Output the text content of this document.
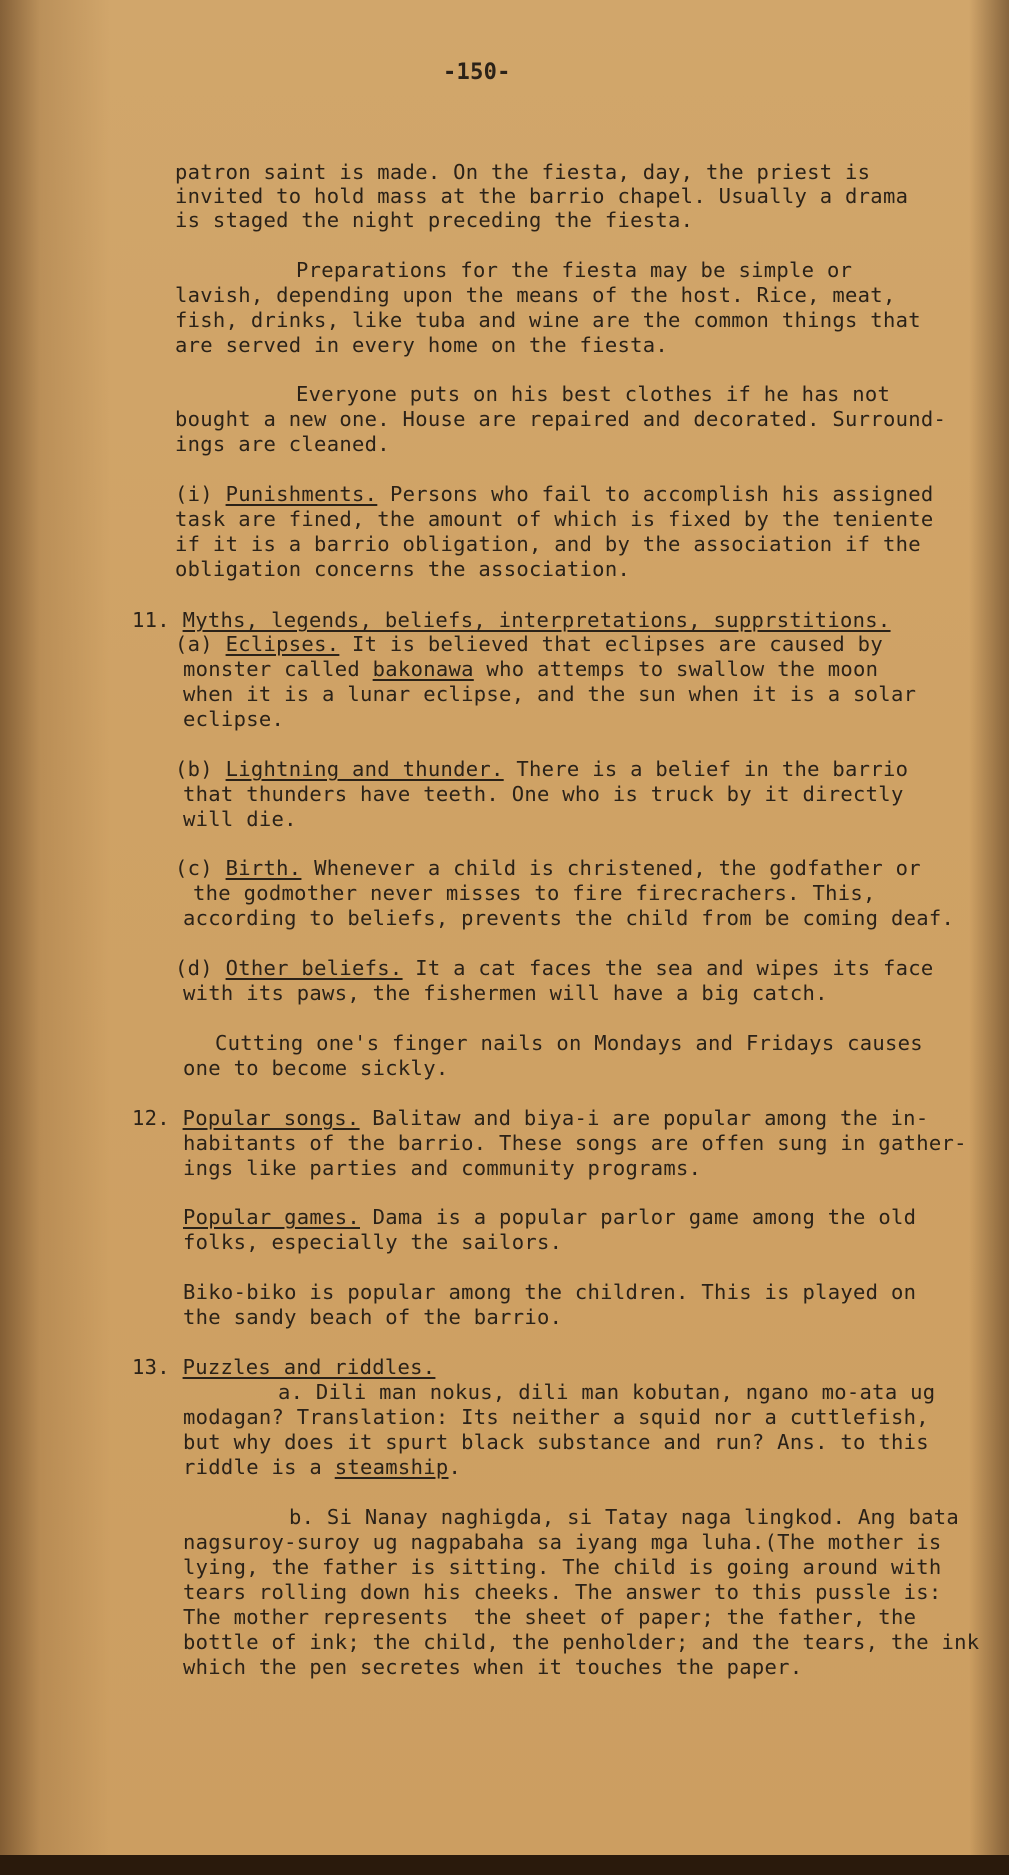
-150-
patron saint is made. On the fiesta, day, the priest is
invited to hold mass at the barrio chapel. Usually a drama
is staged the night preceding the fiesta.
Preparations for the fiesta may be simple or
lavish, depending upon the means of the host. Rice, meat,
fish, drinks, like tuba and wine are the common things that
are served in every home on the fiesta.
Everyone puts on his best clothes if he has not
bought a new one. House are repaired and decorated. Surround-
ings are cleaned.
(i) Punishments. Persons who fail to accomplish his assigned
task are fined, the amount of which is fixed by the teniente
if it is a barrio obligation, and by the association if the
obligation concerns the association.
11. Myths, legends, beliefs, interpretations, supprstitions.
(a) Eclipses. It is believed that eclipses are caused by
monster called bakonawa who attemps to swallow the moon
when it is a lunar eclipse, and the sun when it is a solar
eclipse.
(b) Lightning and thunder. There is a belief in the barrio
that thunders have teeth. One who is truck by it directly
will die.
(c) Birth. Whenever a child is christened, the godfather or
the godmother never misses to fire firecrachers. This,
according to beliefs, prevents the child from be coming deaf.
(d) Other beliefs. It a cat faces the sea and wipes its face
with its paws, the fishermen will have a big catch.
Cutting one's finger nails on Mondays and Fridays causes
one to become sickly.
12. Popular songs. Balitaw and biya-i are popular among the in-
habitants of the barrio. These songs are offen sung in gather-
ings like parties and community programs.
Popular games. Dama is a popular parlor game among the old
folks, especially the sailors.
Biko-biko is popular among the children. This is played on
the sandy beach of the barrio.
13. Puzzles and riddles.
a. Dili man nokus, dili man kobutan, ngano mo-ata ug
modagan? Translation: Its neither a squid nor a cuttlefish,
but why does it spurt black substance and run? Ans. to this
riddle is a steamship.
b. Si Nanay naghigda, si Tatay naga lingkod. Ang bata
nagsuroy-suroy ug nagpabaha sa iyang mga luha.(The mother is
lying, the father is sitting. The child is going around with
tears rolling down his cheeks. The answer to this pussle is:
The mother represents  the sheet of paper; the father, the
bottle of ink; the child, the penholder; and the tears, the ink
which the pen secretes when it touches the paper.
